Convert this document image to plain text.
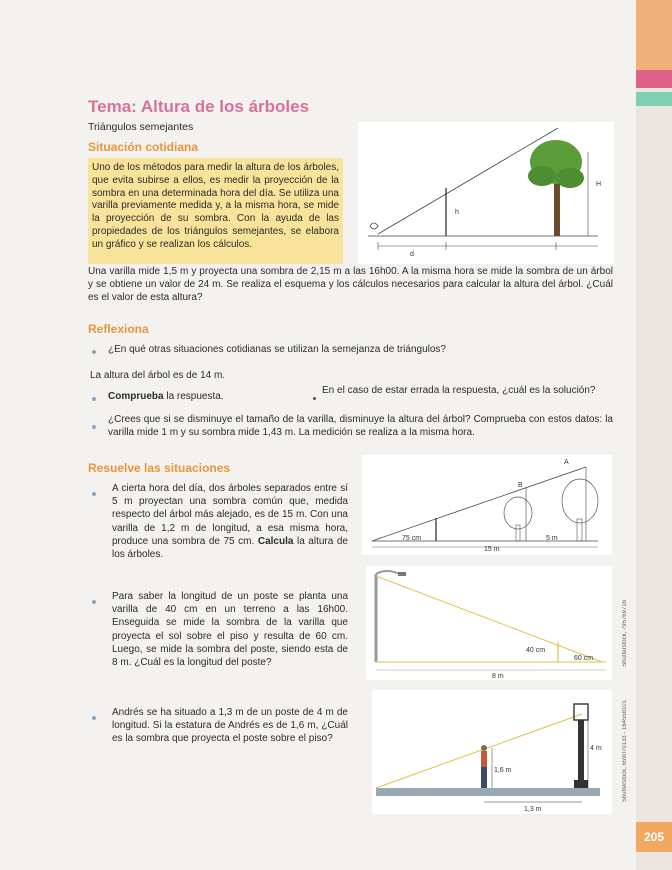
205
Shutterstock, 795769716
Shutterstock, 659070133 - 164558101
Tema: Altura de los árboles
Triángulos semejantes
Situación cotidiana
Uno de los métodos para medir la altura de los árboles, que evita subirse a ellos, es medir la proyección de la sombra en una determinada hora del día. Se utiliza una varilla previamente medida y, a la misma hora, se mide la proyección de su sombra. Con la ayuda de las propiedades de los triángulos semejantes, se elabora un gráfico y se realizan los cálculos.
h
H
d
Una varilla mide 1,5 m y proyecta una sombra de 2,15 m a las 16h00. A la misma hora se mide la sombra de un árbol y se obtiene un valor de 24 m. Se realiza el esquema y los cálculos necesarios para calcular la altura del árbol. ¿Cuál es el valor de esta altura?
Reflexiona
¿En qué otras situaciones cotidianas se utilizan la semejanza de triángulos?
La altura del árbol es de 14 m.
Comprueba la respuesta.
En el caso de estar errada la respuesta, ¿cuál es la solución?
¿Crees que si se disminuye el tamaño de la varilla, disminuye la altura del árbol? Comprueba con estos datos: la varilla mide 1 m y su sombra mide 1,43 m. La medición se realiza a la misma hora.
Resuelve las situaciones
A cierta hora del día, dos árboles separados entre sí 5 m proyectan una sombra común que, medida respecto del árbol más alejado, es de 15 m. Con una varilla de 1,2 m de longitud, a esa misma hora, produce una sombra de 75 cm. Calcula la altura de los árboles.
A
B
75 cm	5 m
15 m
Para saber la longitud de un poste se planta una varilla de 40 cm en un terreno a las 16h00. Enseguida se mide la sombra de la varilla que proyecta el sol sobre el piso y resulta de 60 cm. Luego, se mide la sombra del poste, siendo esta de 8 m. ¿Cuál es la longitud del poste?
40 cm
60 cm
8 m
Andrés se ha situado a 1,3 m de un poste de 4 m de longitud. Si la estatura de Andrés es de 1,6 m, ¿Cuál es la sombra que proyecta el poste sobre el piso?
4 m
1,6 m
1,3 m
